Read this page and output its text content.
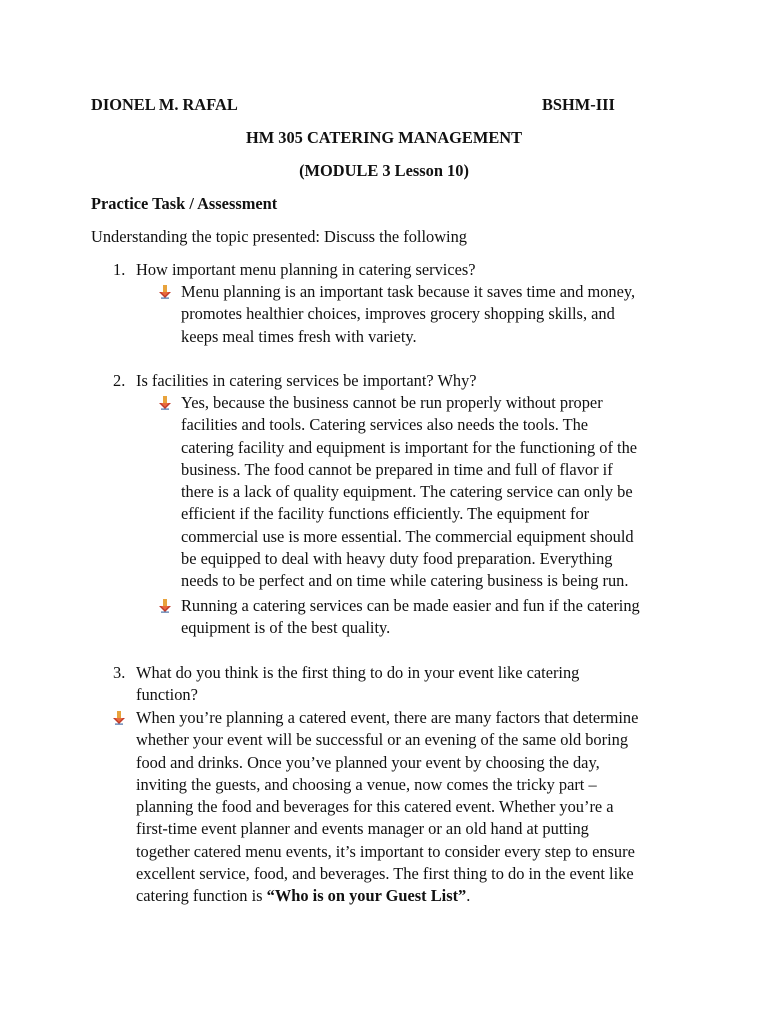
DIONEL M. RAFAL	BSHM-III
HM 305 CATERING MANAGEMENT
(MODULE 3 Lesson 10)
Practice Task / Assessment
Understanding the topic presented: Discuss the following
1. How important menu planning in catering services?
Menu planning is an important task because it saves time and money,
promotes healthier choices, improves grocery shopping skills, and
keeps meal times fresh with variety.
2. Is facilities in catering services be important? Why?
Yes, because the business cannot be run properly without proper
facilities and tools. Catering services also needs the tools. The
catering facility and equipment is important for the functioning of the
business. The food cannot be prepared in time and full of flavor if
there is a lack of quality equipment. The catering service can only be
efficient if the facility functions efficiently. The equipment for
commercial use is more essential. The commercial equipment should
be equipped to deal with heavy duty food preparation. Everything
needs to be perfect and on time while catering business is being run.
Running a catering services can be made easier and fun if the catering
equipment is of the best quality.
3. What do you think is the first thing to do in your event like catering
function?
When you’re planning a catered event, there are many factors that determine
whether your event will be successful or an evening of the same old boring
food and drinks. Once you’ve planned your event by choosing the day,
inviting the guests, and choosing a venue, now comes the tricky part –
planning the food and beverages for this catered event. Whether you’re a
first-time event planner and events manager or an old hand at putting
together catered menu events, it’s important to consider every step to ensure
excellent service, food, and beverages. The first thing to do in the event like
catering function is “Who is on your Guest List”.
